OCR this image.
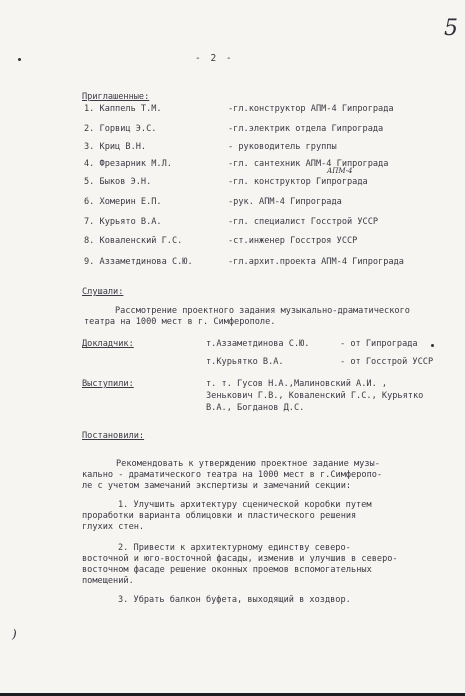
5
- 2 -
Приглашенные:
1. Каппель Т.М.	-гл.конструктор АПМ-4 Гипрограда
2. Горвиц Э.С.	-гл.электрик отдела Гипрограда
3. Криц В.Н.	- руководитель группы
4. Фрезарник М.Л.	-гл. сантехник АПМ-4 Гипрограда
АПМ-4
5. Быков Э.Н.	-гл. конструктор Гипрограда
6. Хомерин Е.П.	-рук. АПМ-4 Гипрограда
7. Курьято В.А.	-гл. специалист Госстрой УССР
8. Коваленский Г.С.	-ст.инженер Госстроя УССР
9. Аззаметдинова С.Ю.	-гл.архит.проекта АПМ-4 Гипрограда
Слушали:
Рассмотрение проектного задания музыкально-драматического
театра на 1000 мест в г. Симферополе.
Докладчик:	т.Аззаметдинова С.Ю.	- от Гипрограда
т.Курьятко В.А.	- от Госстрой УССР
Выступили:	т. т. Гусов Н.А.,Малиновский А.И. ,
Зенькович Г.В., Коваленский Г.С., Курьятко
В.А., Богданов Д.С.
Постановили:
Рекомендовать к утверждению проектное задание музы-
кально - драматического театра на 1000 мест в г.Симферопо-
ле с учетом замечаний экспертизы и замечаний секции:
1. Улучшить архитектуру сценической коробки путем
проработки варианта облицовки и пластического решения
глухих стен.
2. Привести к архитектурному единству северо-
восточной и юго-восточной фасады, изменив и улучшив в северо-
восточном фасаде решение оконных проемов вспомогательных
помещений.
3. Убрать балкон буфета, выходящий в хоздвор.
)
